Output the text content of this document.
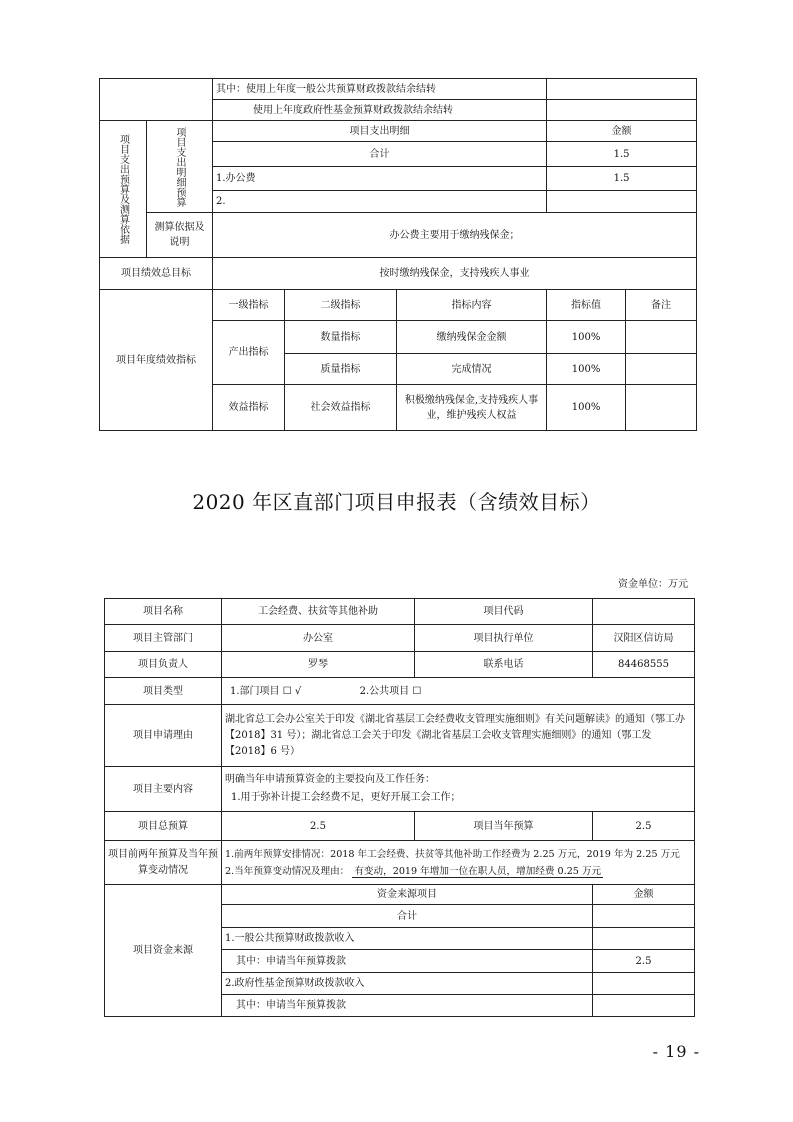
		其中：使用上年度一般公共预算财政拨款结余结转				
		使用上年度政府性基金预算财政拨款结余结转				

项目支出预算及测算依据	项目支出明细预算	项目支出明细			金额	
		合计			1.5	
		1.办公费			1.5	
		2.				
	测算依据及说明	办公费主要用于缴纳残保金；				
项目绩效总目标		按时缴纳残保金，支持残疾人事业				
项目年度绩效指标		一级指标	二级指标	指标内容	指标值	备注
		产出指标	数量指标	缴纳残保金金额	100%	
			质量指标	完成情况	100%	
		效益指标	社会效益指标	积极缴纳残保金,支持残疾人事业，维护残疾人权益	100%	
2020 年区直部门项目申报表（含绩效目标）
资金单位：万元
项目名称	工会经费、扶贫等其他补助	项目代码	
项目主管部门	办公室	项目执行单位	汉阳区信访局
项目负责人	罗琴	联系电话	84468555
项目类型	1.部门项目 ☐ √ 2.公共项目 ☐		
项目申请理由	湖北省总工会办公室关于印发《湖北省基层工会经费收支管理实施细则》有关问题解读》的通知（鄂工办【2018】31 号）；湖北省总工会关于印发《湖北省基层工会收支管理实施细则》的通知（鄂工发【2018】6 号）		
项目主要内容	明确当年申请预算资金的主要投向及工作任务：
1.用于弥补计提工会经费不足，更好开展工会工作；		

项目总预算	2.5	项目当年预算	2.5
项目前两年预算及当年预算变动情况	1.前两年预算安排情况：2018 年工会经费、扶贫等其他补助工作经费为 2.25 万元，2019 年为 2.25 万元
2.当年预算变动情况及理由： 有变动，2019 年增加一位在职人员，增加经费 0.25 万元		

项目资金来源	资金来源项目		金额
	合计		
	1.一般公共预算财政拨款收入		
	其中：申请当年预算拨款		2.5
	2.政府性基金预算财政拨款收入		
	其中：申请当年预算拨款		
- 19 -
